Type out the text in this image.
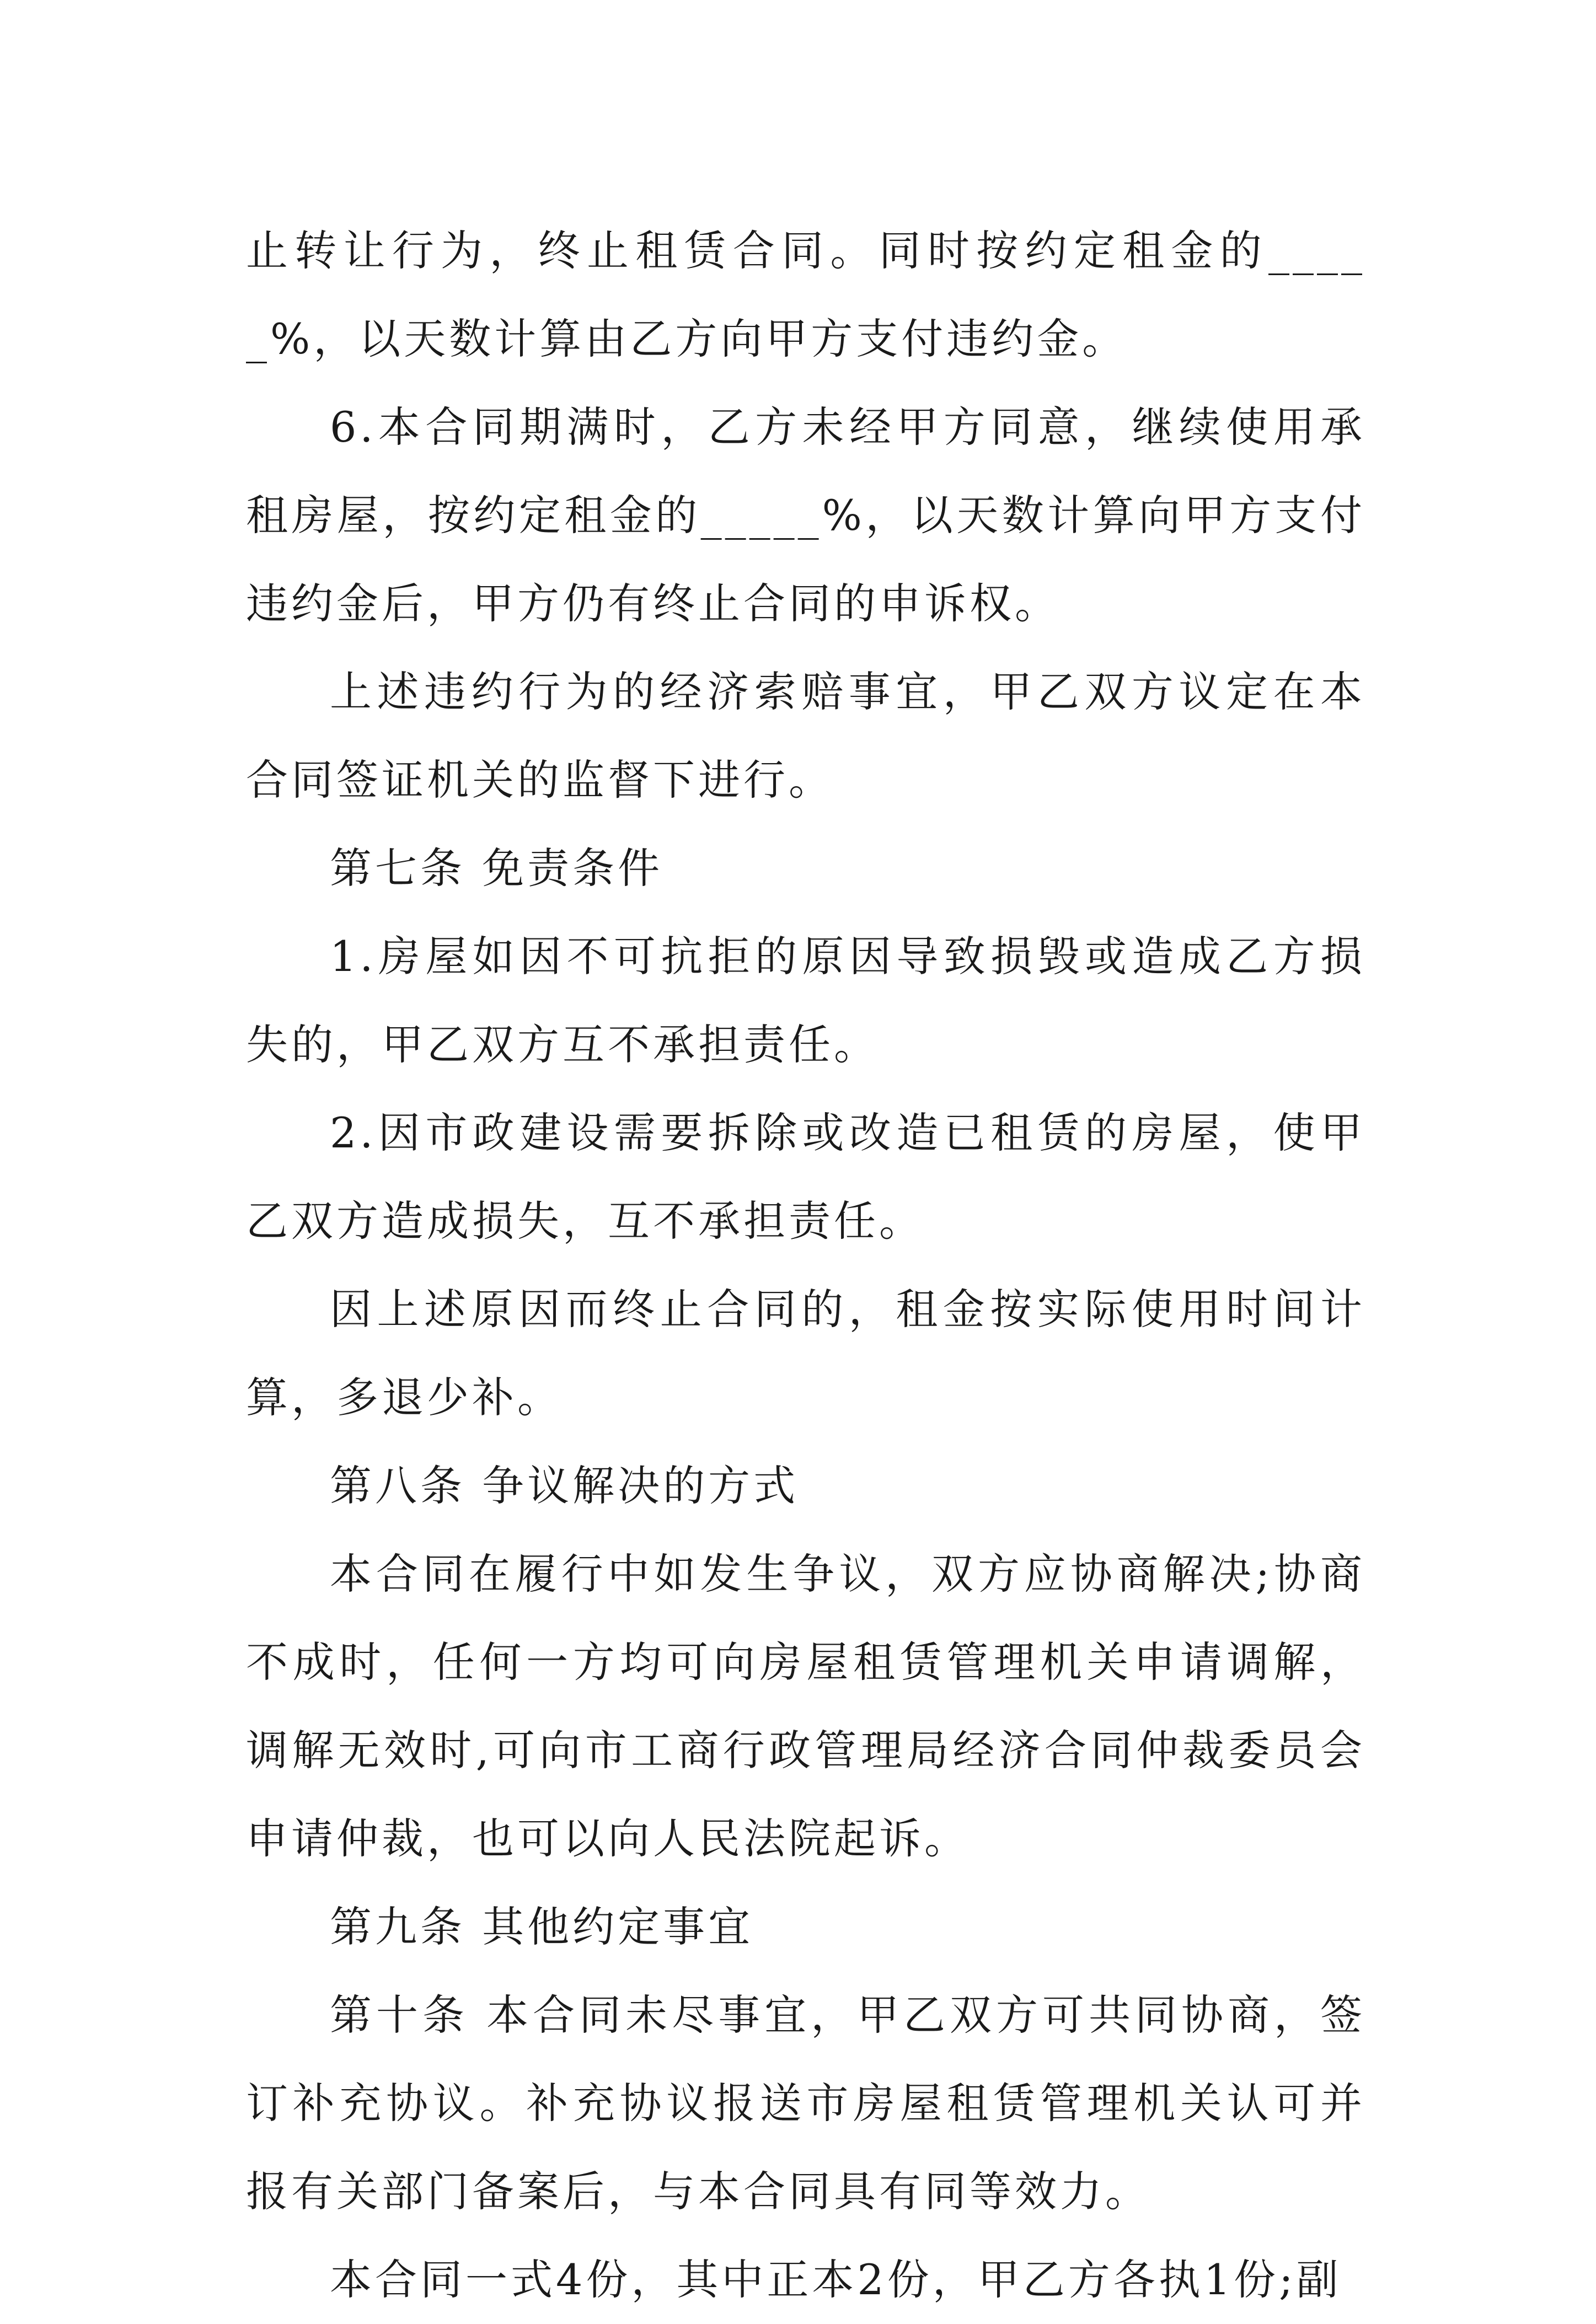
止转让行为，终止租赁合同。同时按约定租金的_____%，以天数计算由乙方向甲方支付违约金。

6.本合同期满时，乙方未经甲方同意，继续使用承租房屋，按约定租金的_____%，以天数计算向甲方支付违约金后，甲方仍有终止合同的申诉权。

上述违约行为的经济索赔事宜，甲乙双方议定在本合同签证机关的监督下进行。

第七条 免责条件

1.房屋如因不可抗拒的原因导致损毁或造成乙方损失的，甲乙双方互不承担责任。

2.因市政建设需要拆除或改造已租赁的房屋，使甲乙双方造成损失，互不承担责任。

因上述原因而终止合同的，租金按实际使用时间计算，多退少补。

第八条 争议解决的方式

本合同在履行中如发生争议，双方应协商解决;协商不成时，任何一方均可向房屋租赁管理机关申请调解，调解无效时,可向市工商行政管理局经济合同仲裁委员会申请仲裁，也可以向人民法院起诉。

第九条 其他约定事宜

第十条 本合同未尽事宜，甲乙双方可共同协商，签订补充协议。补充协议报送市房屋租赁管理机关认可并报有关部门备案后，与本合同具有同等效力。

本合同一式4份，其中正本2份，甲乙方各执1份;副
